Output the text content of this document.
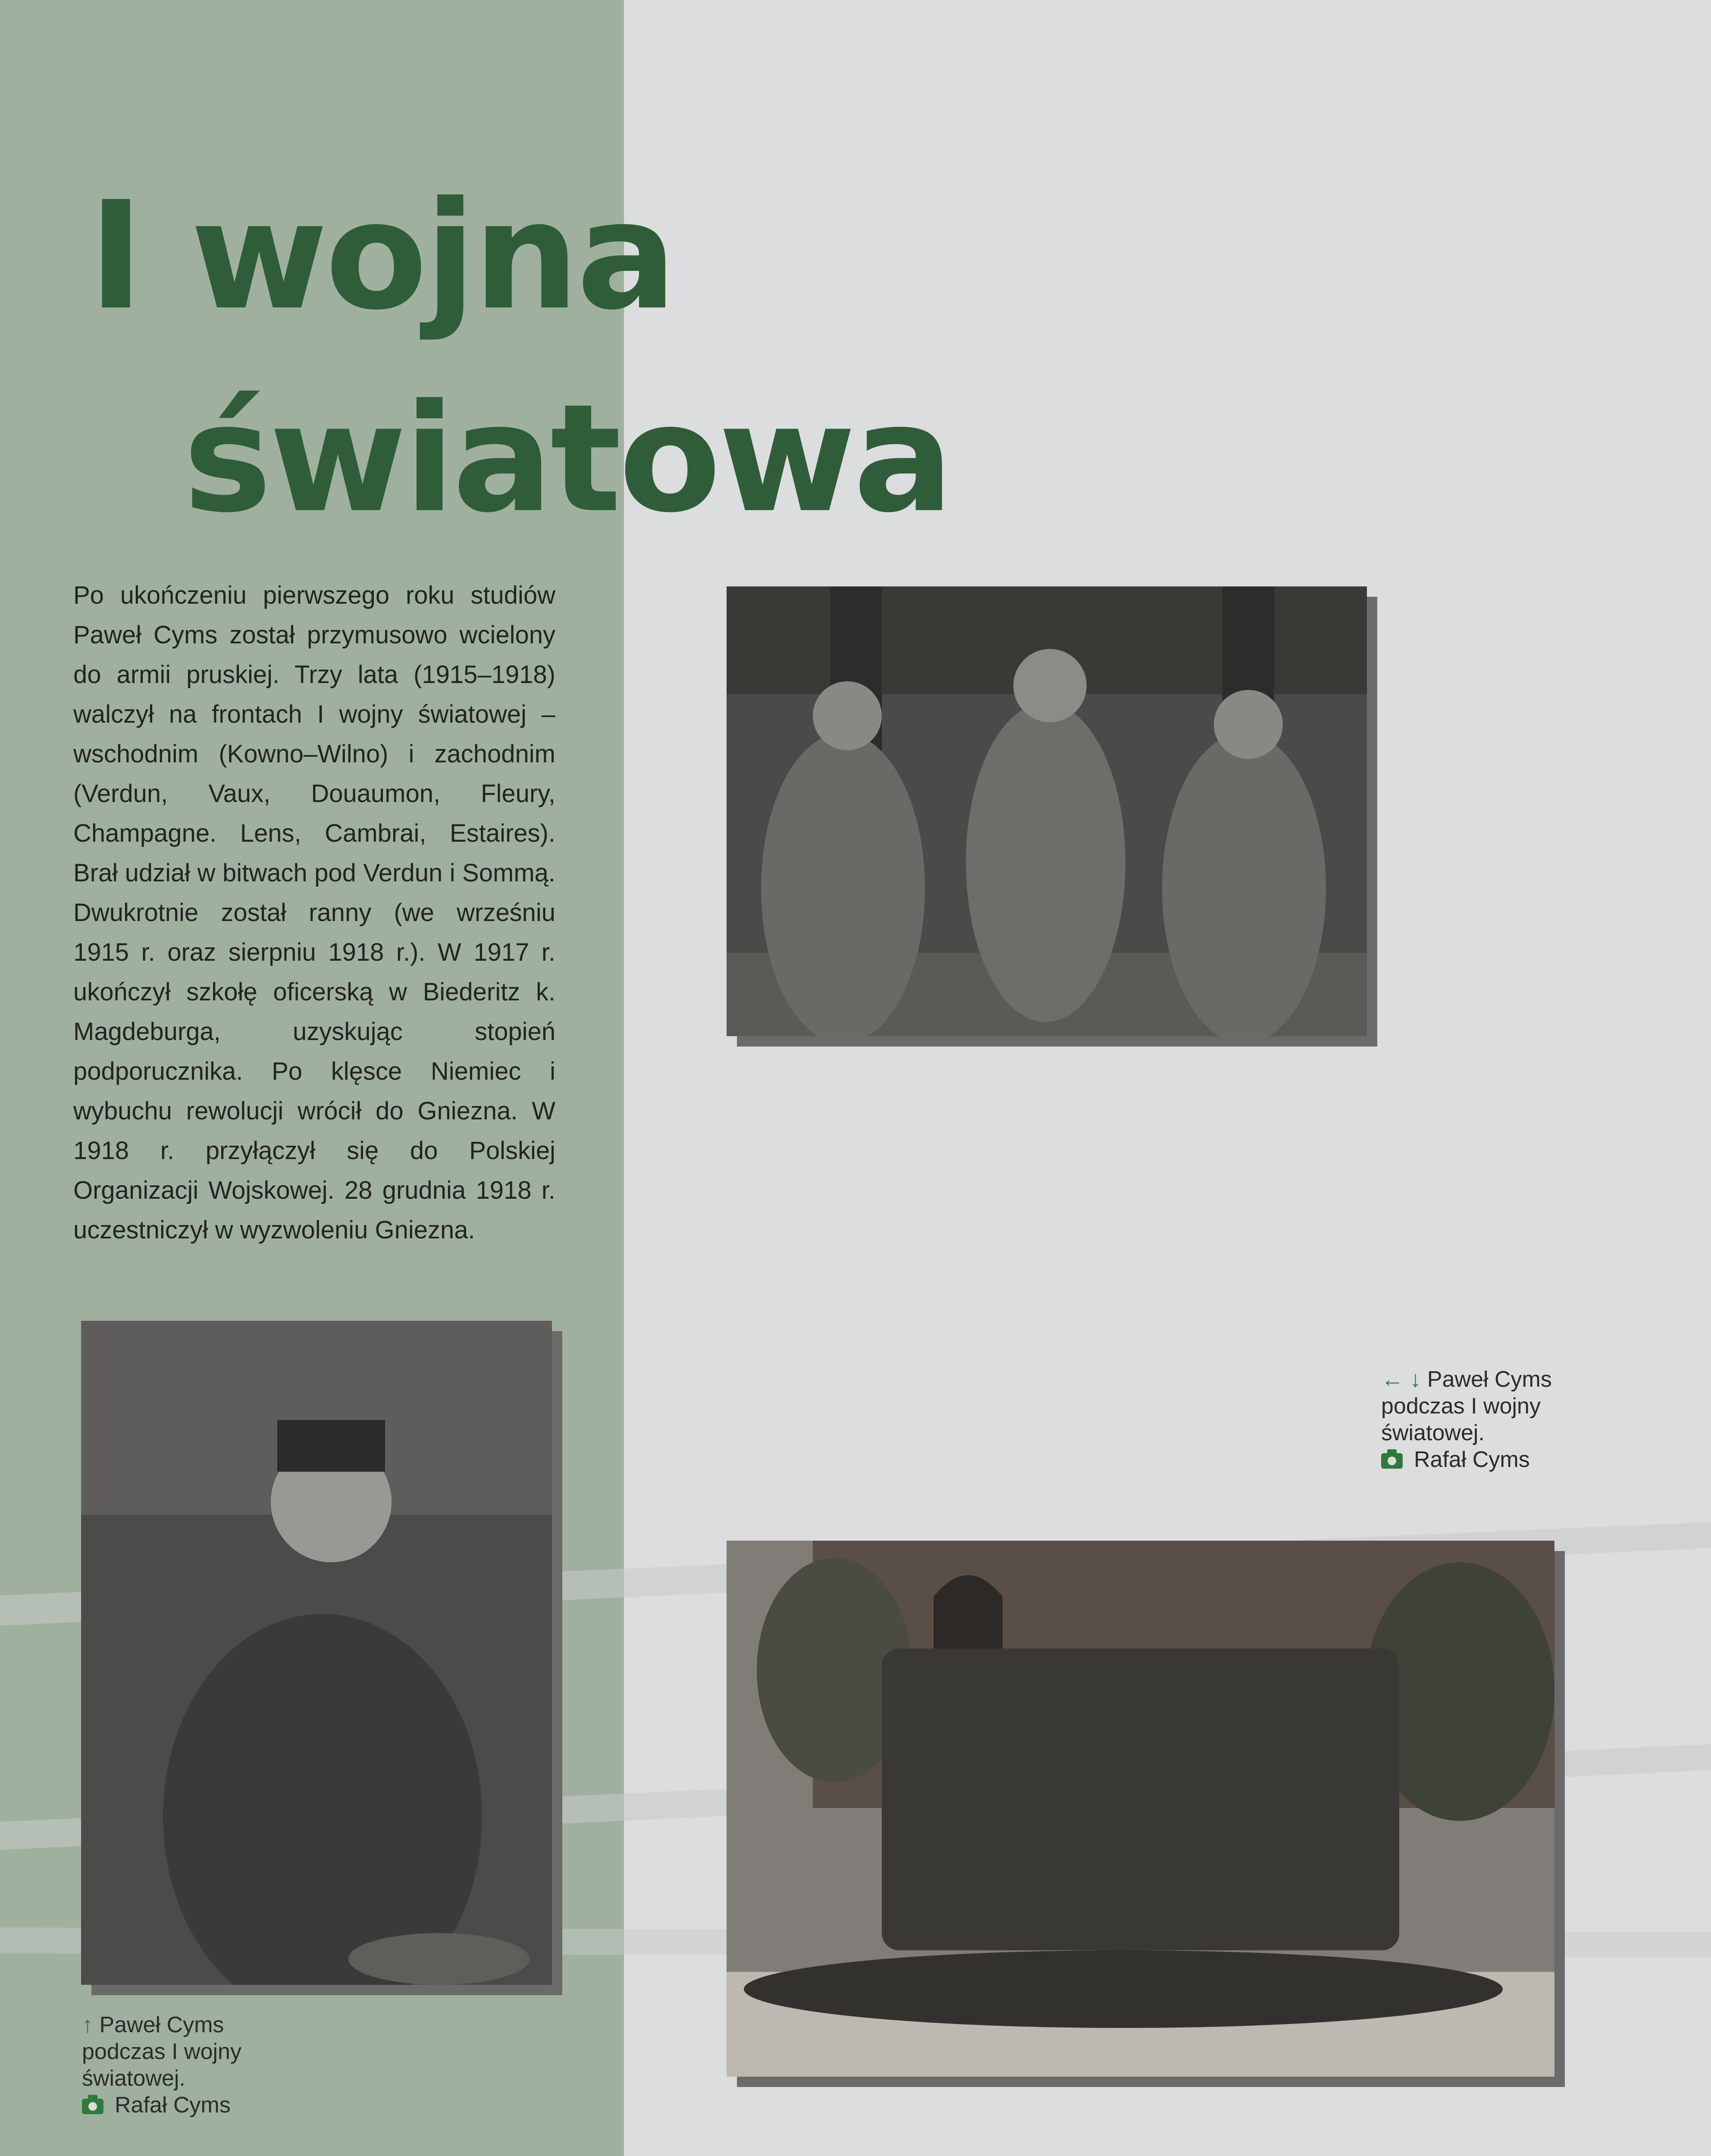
I wojna
światowa

Po ukończeniu pierwszego roku studiów Paweł Cyms został przymusowo wcielony do armii pruskiej. Trzy lata (1915–1918) walczył na frontach I wojny światowej – wschodnim (Kowno–Wilno) i zachodnim (Verdun, Vaux, Douaumon, Fleury, Champagne. Lens, Cambrai, Estaires). Brał udział w bitwach pod Verdun i Sommą. Dwukrotnie został ranny (we wrześniu 1915 r. oraz sierpniu 1918 r.). W 1917 r. ukończył szkołę oficerską w Biederitz k. Magdeburga, uzyskując stopień podporucznika. Po klęsce Niemiec i wybuchu rewolucji wrócił do Gniezna. W 1918 r. przyłączył się do Polskiej Organizacji Wojskowej. 28 grudnia 1918 r. uczestniczył w wyzwoleniu Gniezna.

← ↓ Paweł Cyms
podczas I wojny
światowej.
Rafał Cyms

↑ Paweł Cyms
podczas I wojny
światowej.
Rafał Cyms
